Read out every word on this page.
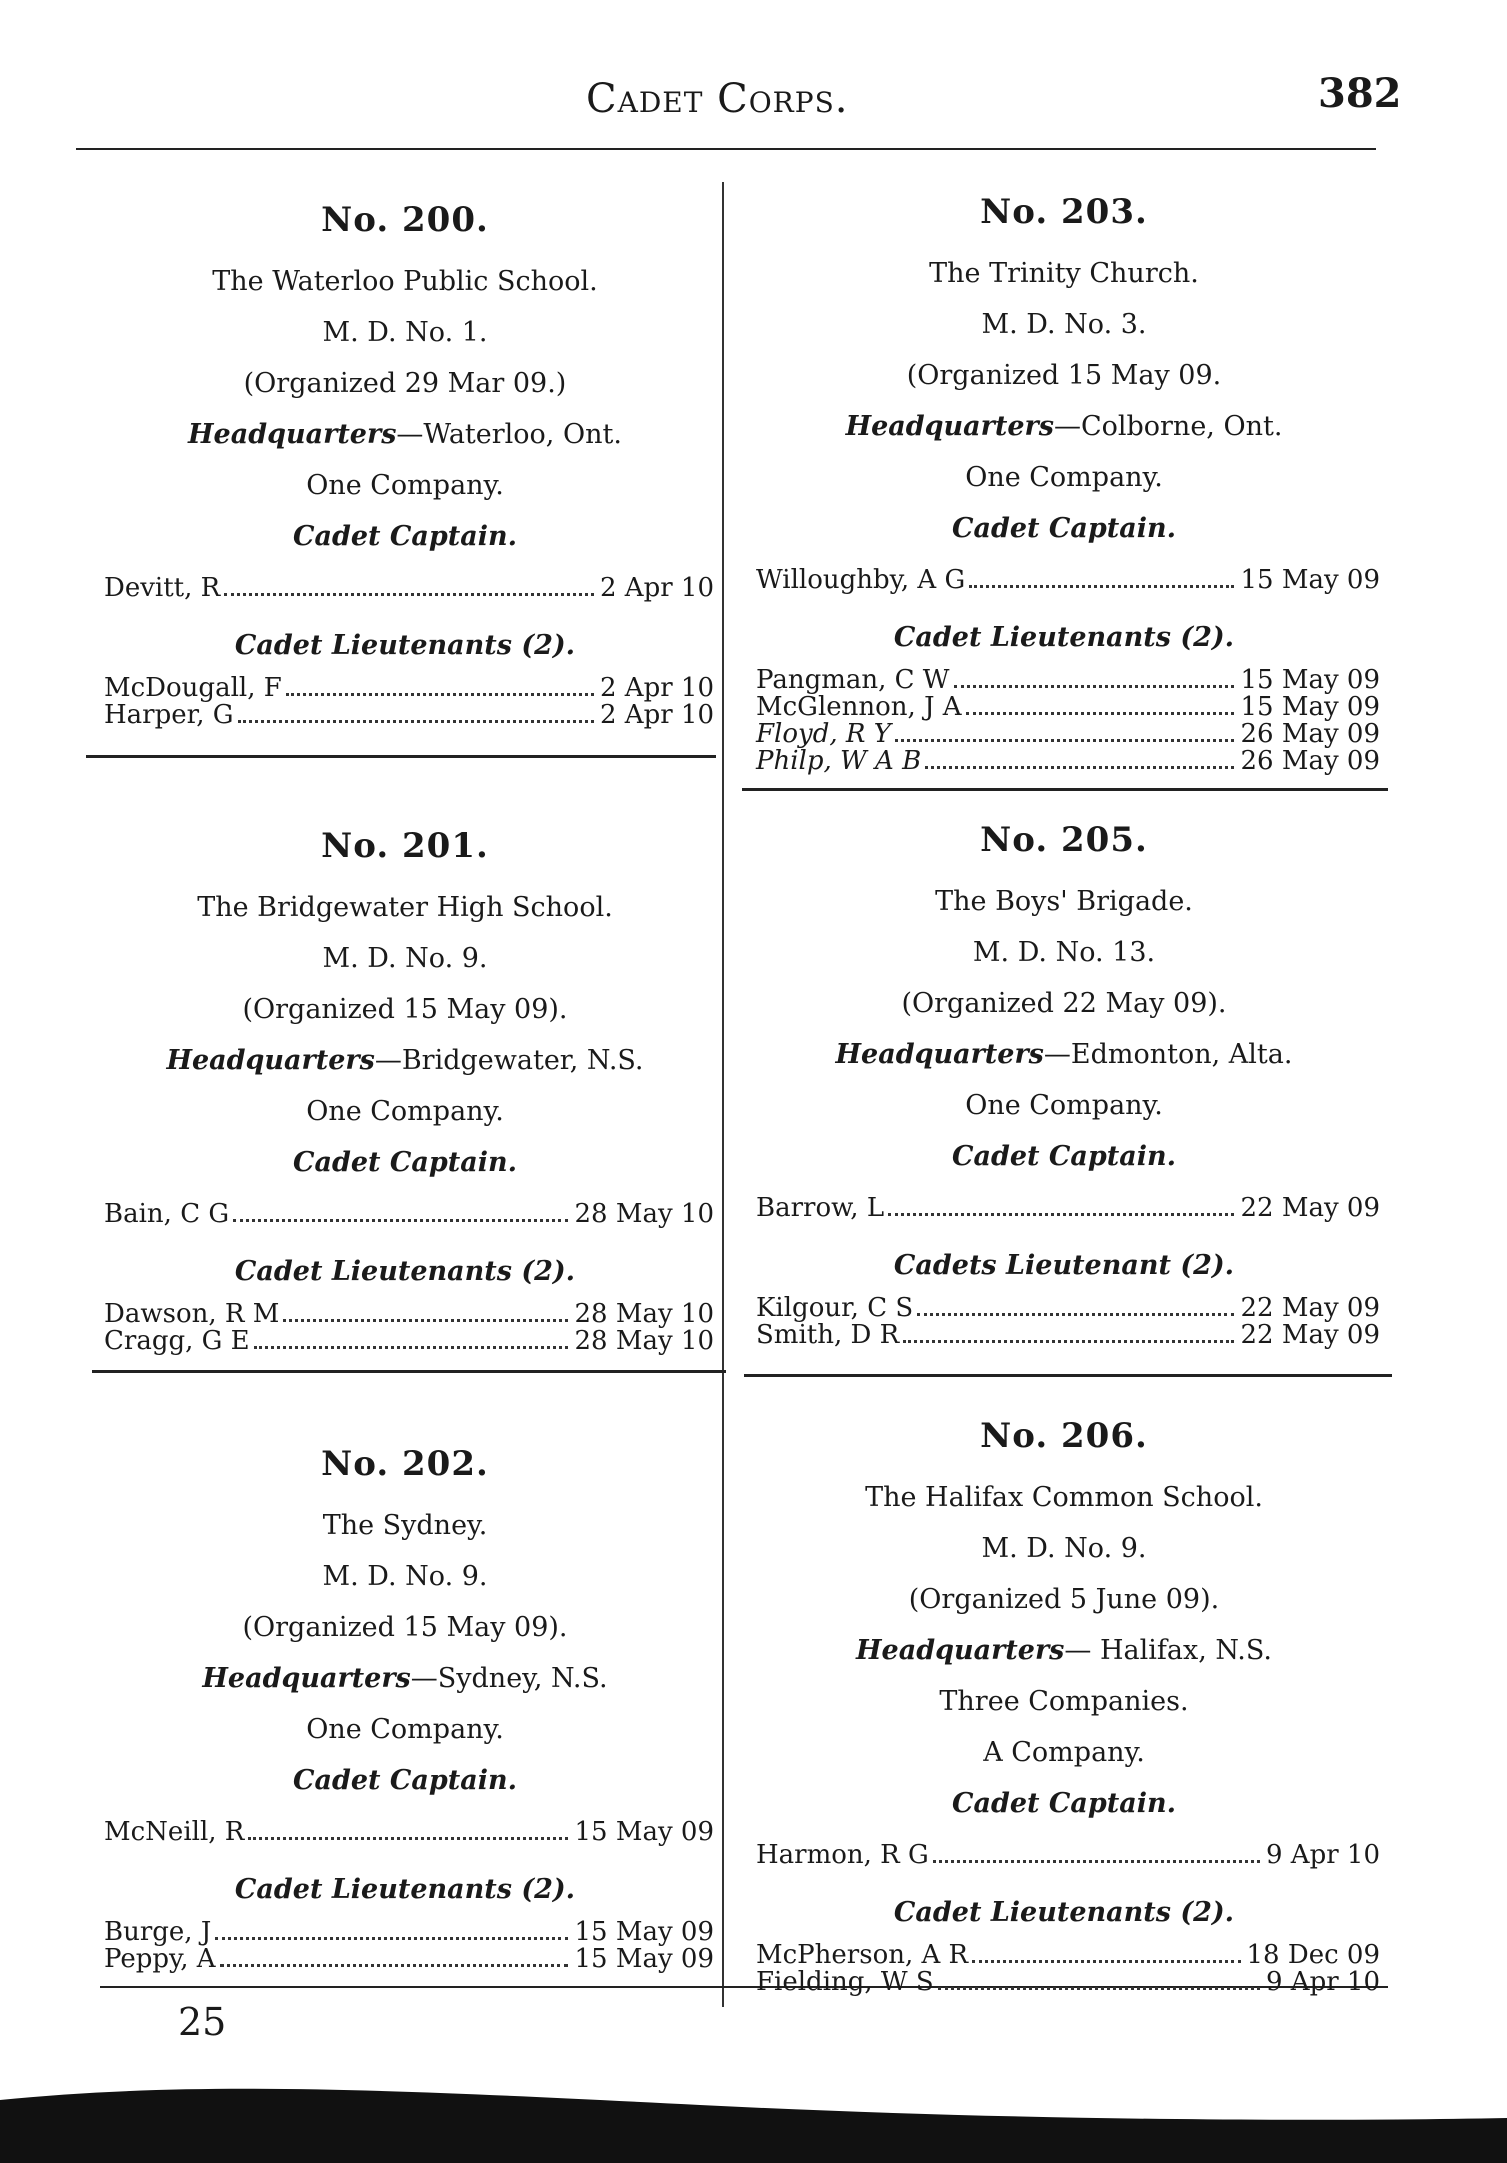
Cadet Corps.	382
No. 200.
The Waterloo Public School.
M. D. No. 1.
(Organized 29 Mar 09.)
Headquarters—Waterloo, Ont.
One Company.
Cadet Captain.
Devitt, R	2 Apr 10
Cadet Lieutenants (2).
McDougall, F	2 Apr 10
Harper, G	2 Apr 10
No. 201.
The Bridgewater High School.
M. D. No. 9.
(Organized 15 May 09).
Headquarters—Bridgewater, N.S.
One Company.
Cadet Captain.
Bain, C G	28 May 10
Cadet Lieutenants (2).
Dawson, R M	28 May 10
Cragg, G E	28 May 10
No. 202.
The Sydney.
M. D. No. 9.
(Organized 15 May 09).
Headquarters—Sydney, N.S.
One Company.
Cadet Captain.
McNeill, R	15 May 09
Cadet Lieutenants (2).
Burge, J	15 May 09
Peppy, A	15 May 09
No. 203.
The Trinity Church.
M. D. No. 3.
(Organized 15 May 09.
Headquarters—Colborne, Ont.
One Company.
Cadet Captain.
Willoughby, A G	15 May 09
Cadet Lieutenants (2).
Pangman, C W	15 May 09
McGlennon, J A	15 May 09
Floyd, R Y	26 May 09
Philp, W A B	26 May 09
No. 205.
The Boys' Brigade.
M. D. No. 13.
(Organized 22 May 09).
Headquarters—Edmonton, Alta.
One Company.
Cadet Captain.
Barrow, L	22 May 09
Cadets Lieutenant (2).
Kilgour, C S	22 May 09
Smith, D R	22 May 09
No. 206.
The Halifax Common School.
M. D. No. 9.
(Organized 5 June 09).
Headquarters— Halifax, N.S.
Three Companies.
A Company.
Cadet Captain.
Harmon, R G	9 Apr 10
Cadet Lieutenants (2).
McPherson, A R	18 Dec 09
Fielding, W S	9 Apr 10
25
